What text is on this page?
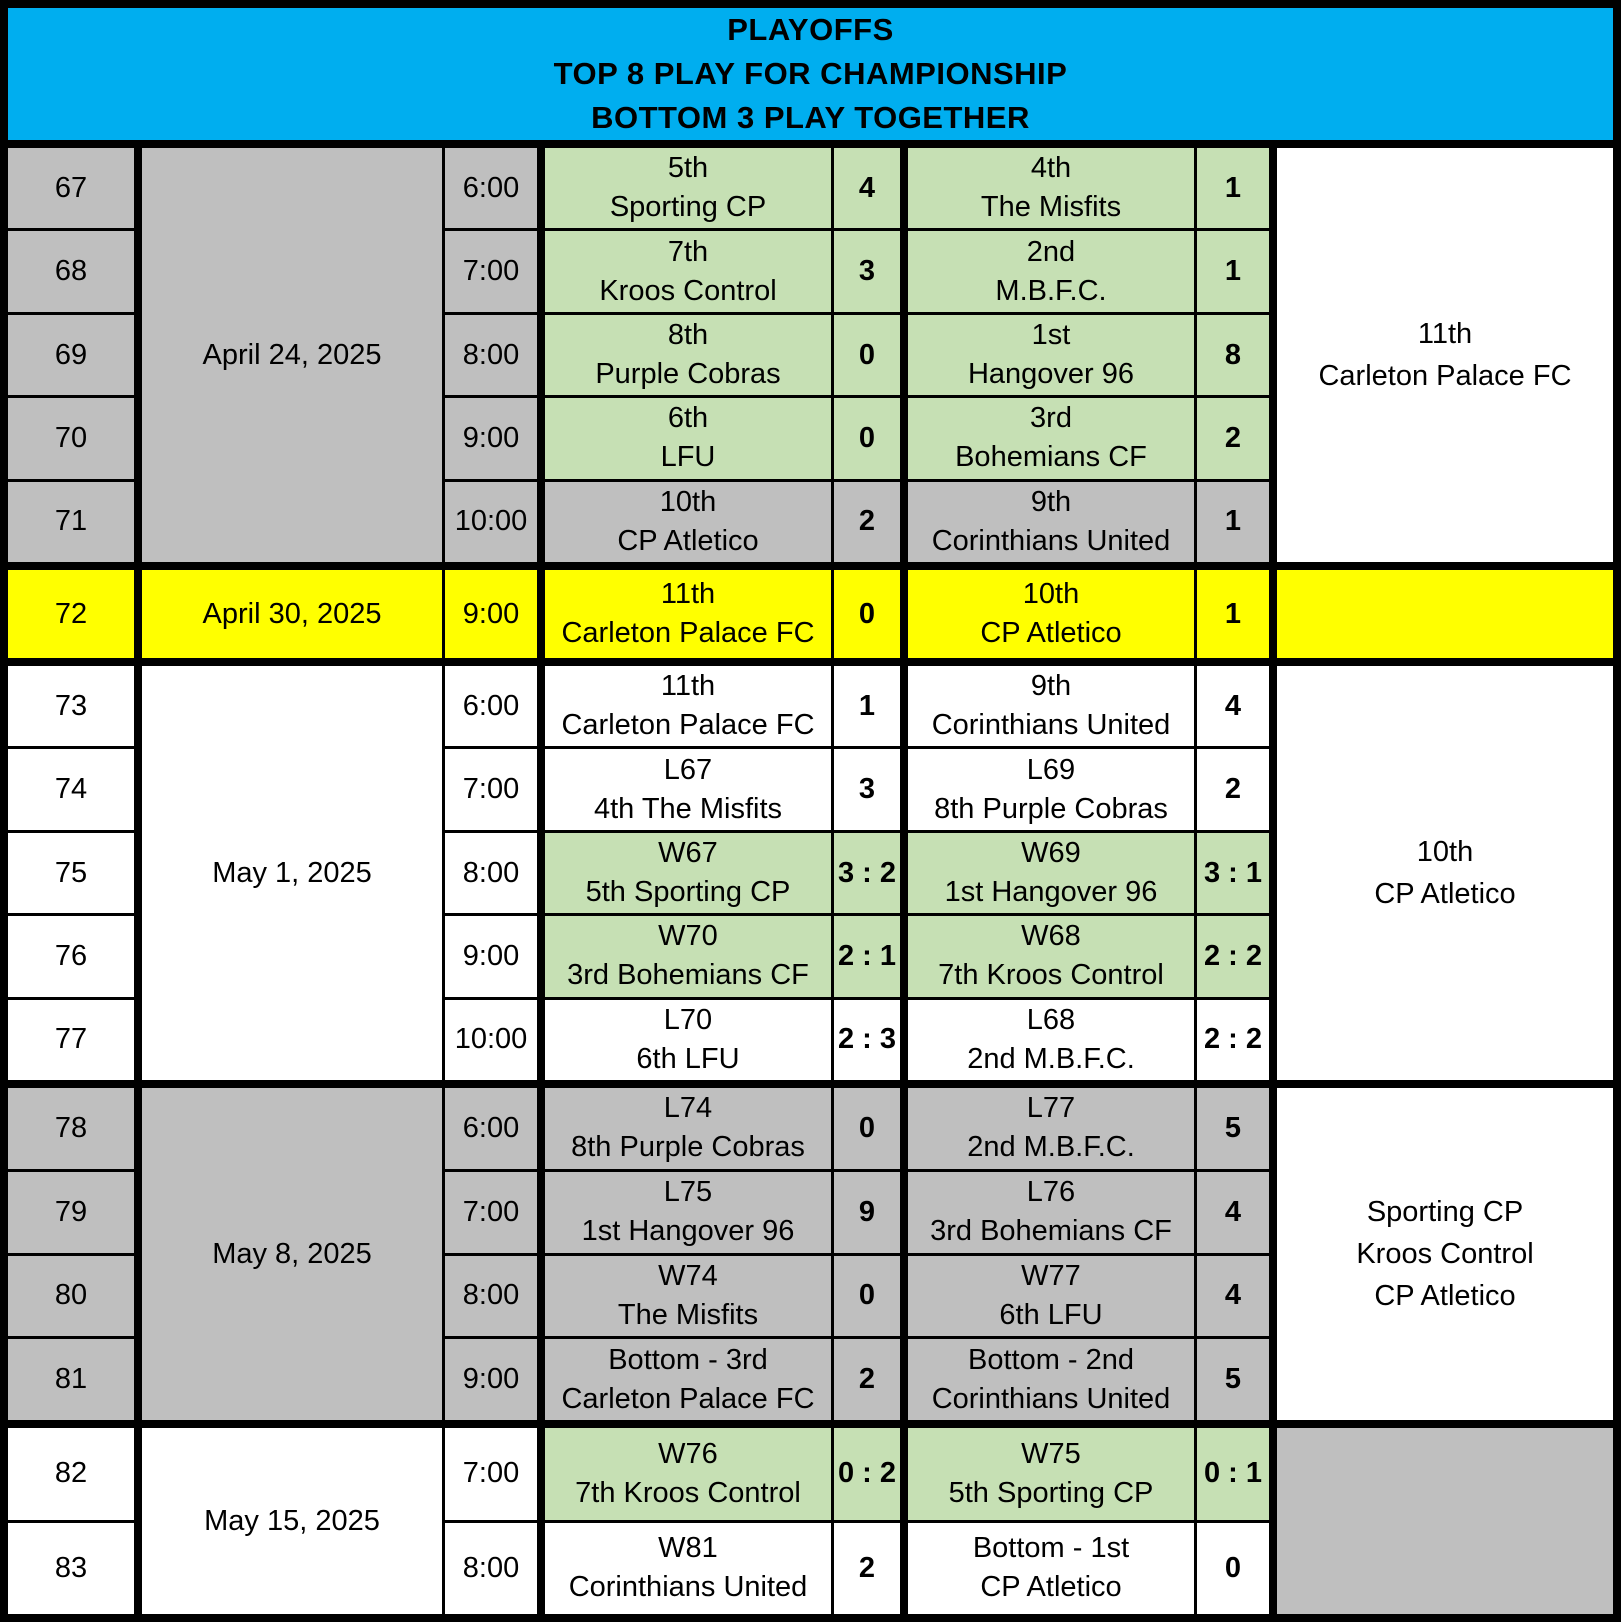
PLAYOFFS
TOP 8 PLAY FOR CHAMPIONSHIP
BOTTOM 3 PLAY TOGETHER
67
68
69
70
71
April 24, 2025
6:00
7:00
8:00
9:00
10:00
5th
Sporting CP
7th
Kroos Control
8th
Purple Cobras
6th
LFU
10th
CP Atletico
4
3
0
0
2
4th
The Misfits
2nd
M.B.F.C.
1st
Hangover 96
3rd
Bohemians CF
9th
Corinthians United
1
1
8
2
1
11th
Carleton Palace FC
72	April 30, 2025	9:00
11th
Carleton Palace FC
0
10th
CP Atletico
1
73
74
75
76
77
May 1, 2025
6:00
7:00
8:00
9:00
10:00
11th
Carleton Palace FC
L67
4th The Misfits
W67
5th Sporting CP
W70
3rd Bohemians CF
L70
6th LFU
1
3
3 : 2
2 : 1
2 : 3
9th
Corinthians United
L69
8th Purple Cobras
W69
1st Hangover 96
W68
7th Kroos Control
L68
2nd M.B.F.C.
4
2
3 : 1
2 : 2
2 : 2
10th
CP Atletico
78
79
80
81
May 8, 2025
6:00
7:00
8:00
9:00
L74
8th Purple Cobras
L75
1st Hangover 96
W74
The Misfits
Bottom - 3rd
Carleton Palace FC
0
9
0
2
L77
2nd M.B.F.C.
L76
3rd Bohemians CF
W77
6th LFU
Bottom - 2nd
Corinthians United
5
4
4
5
Sporting CP
Kroos Control
CP Atletico
82
83
May 15, 2025
7:00
8:00
W76
7th Kroos Control
W81
Corinthians United
0 : 2
2
W75
5th Sporting CP
Bottom - 1st
CP Atletico
0 : 1
0
